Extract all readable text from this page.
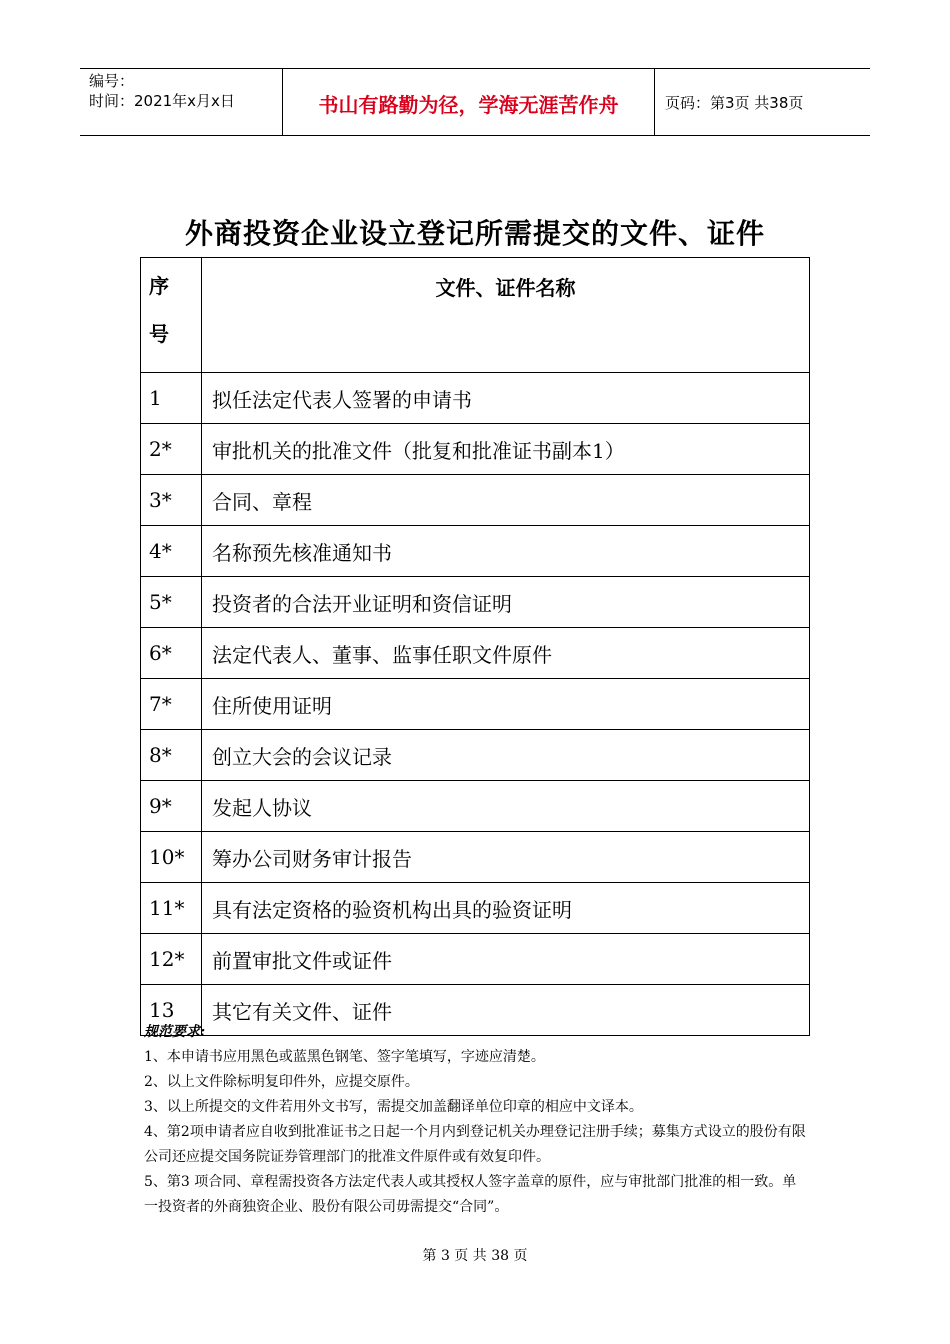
编号：
时间：2021年x月x日	书山有路勤为径，学海无涯苦作舟	页码：第3页 共38页
外商投资企业设立登记所需提交的文件、证件
序
号	文件、证件名称
1	拟任法定代表人签署的申请书
2*	审批机关的批准文件（批复和批准证书副本1）
3*	合同、章程
4*	名称预先核准通知书
5*	投资者的合法开业证明和资信证明
6*	法定代表人、董事、监事任职文件原件
7*	住所使用证明
8*	创立大会的会议记录
9*	发起人协议
10*	筹办公司财务审计报告
11*	具有法定资格的验资机构出具的验资证明
12*	前置审批文件或证件
13	其它有关文件、证件
规范要求:

1、本申请书应用黑色或蓝黑色钢笔、签字笔填写，字迹应清楚。

2、以上文件除标明复印件外，应提交原件。

3、以上所提交的文件若用外文书写，需提交加盖翻译单位印章的相应中文译本。

4、第2项申请者应自收到批准证书之日起一个月内到登记机关办理登记注册手续；募集方式设立的股份有限公司还应提交国务院证券管理部门的批准文件原件或有效复印件。

5、第3 项合同、章程需投资各方法定代表人或其授权人签字盖章的原件，应与审批部门批准的相一致。单一投资者的外商独资企业、股份有限公司毋需提交“合同”。

第 3 页 共 38 页
